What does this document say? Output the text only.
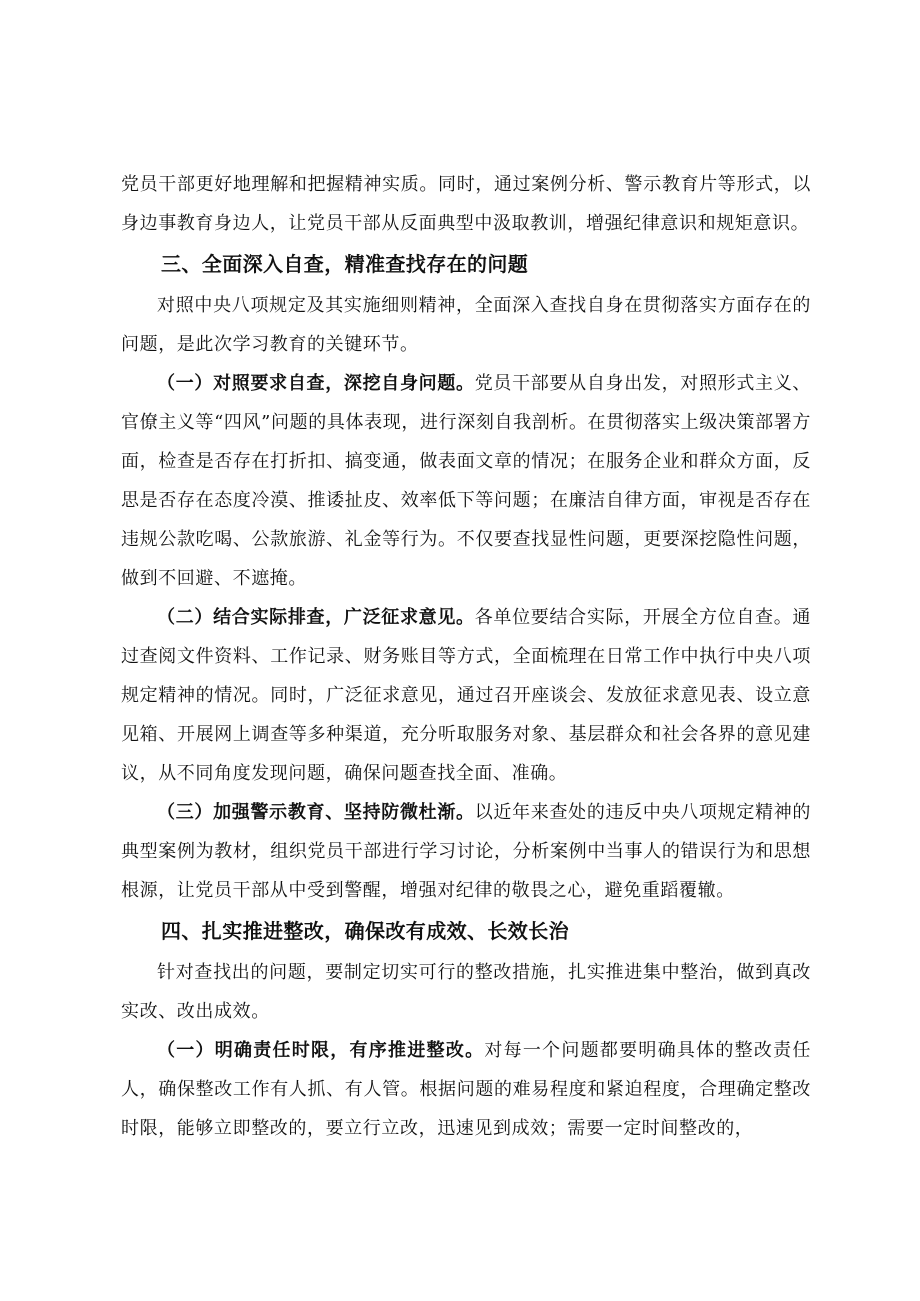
党员干部更好地理解和把握精神实质。同时，通过案例分析、警示教育片等形式，以身边事教育身边人，让党员干部从反面典型中汲取教训，增强纪律意识和规矩意识。

三、全面深入自查，精准查找存在的问题

对照中央八项规定及其实施细则精神，全面深入查找自身在贯彻落实方面存在的问题，是此次学习教育的关键环节。

（一）对照要求自查，深挖自身问题。党员干部要从自身出发，对照形式主义、官僚主义等“四风”问题的具体表现，进行深刻自我剖析。在贯彻落实上级决策部署方面，检查是否存在打折扣、搞变通，做表面文章的情况；在服务企业和群众方面，反思是否存在态度冷漠、推诿扯皮、效率低下等问题；在廉洁自律方面，审视是否存在违规公款吃喝、公款旅游、礼金等行为。不仅要查找显性问题，更要深挖隐性问题，做到不回避、不遮掩。

（二）结合实际排查，广泛征求意见。各单位要结合实际，开展全方位自查。通过查阅文件资料、工作记录、财务账目等方式，全面梳理在日常工作中执行中央八项规定精神的情况。同时，广泛征求意见，通过召开座谈会、发放征求意见表、设立意见箱、开展网上调查等多种渠道，充分听取服务对象、基层群众和社会各界的意见建议，从不同角度发现问题，确保问题查找全面、准确。

（三）加强警示教育、坚持防微杜渐。以近年来查处的违反中央八项规定精神的典型案例为教材，组织党员干部进行学习讨论，分析案例中当事人的错误行为和思想根源，让党员干部从中受到警醒，增强对纪律的敬畏之心，避免重蹈覆辙。

四、扎实推进整改，确保改有成效、长效长治

针对查找出的问题，要制定切实可行的整改措施，扎实推进集中整治，做到真改实改、改出成效。

（一）明确责任时限，有序推进整改。对每一个问题都要明确具体的整改责任人，确保整改工作有人抓、有人管。根据问题的难易程度和紧迫程度，合理确定整改时限，能够立即整改的，要立行立改，迅速见到成效；需要一定时间整改的，
